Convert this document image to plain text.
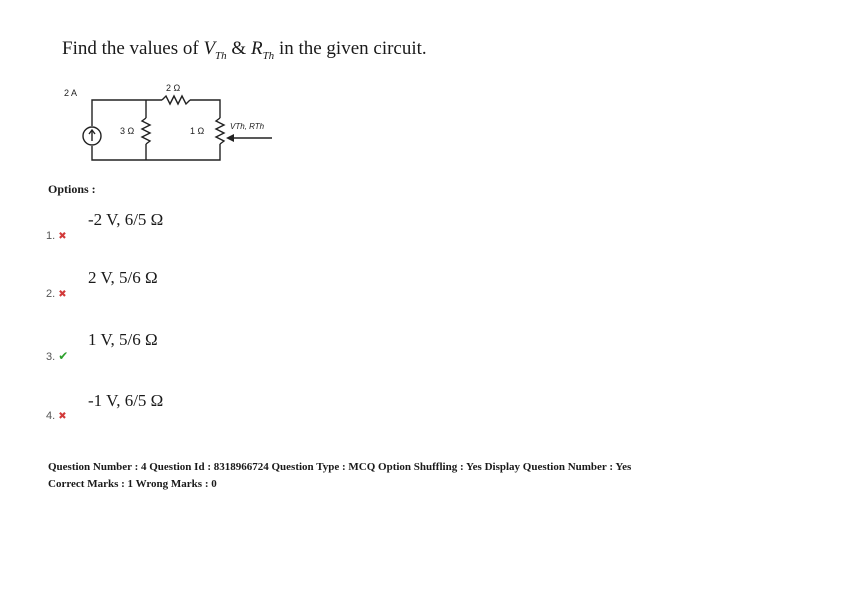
Find the values of $V_{Th}$ & $R_{Th}$ in the given circuit.
2 A
3 Ω
2 Ω
1 Ω	VTh, RTh
Options :
-2 V, 6/5 Ω
1. ✖
2 V, 5/6 Ω
2. ✖
1 V, 5/6 Ω
3. ✔
-1 V, 6/5 Ω
4. ✖
Question Number : 4 Question Id : 8318966724 Question Type : MCQ Option Shuffling : Yes Display Question Number : Yes
Correct Marks : 1 Wrong Marks : 0
